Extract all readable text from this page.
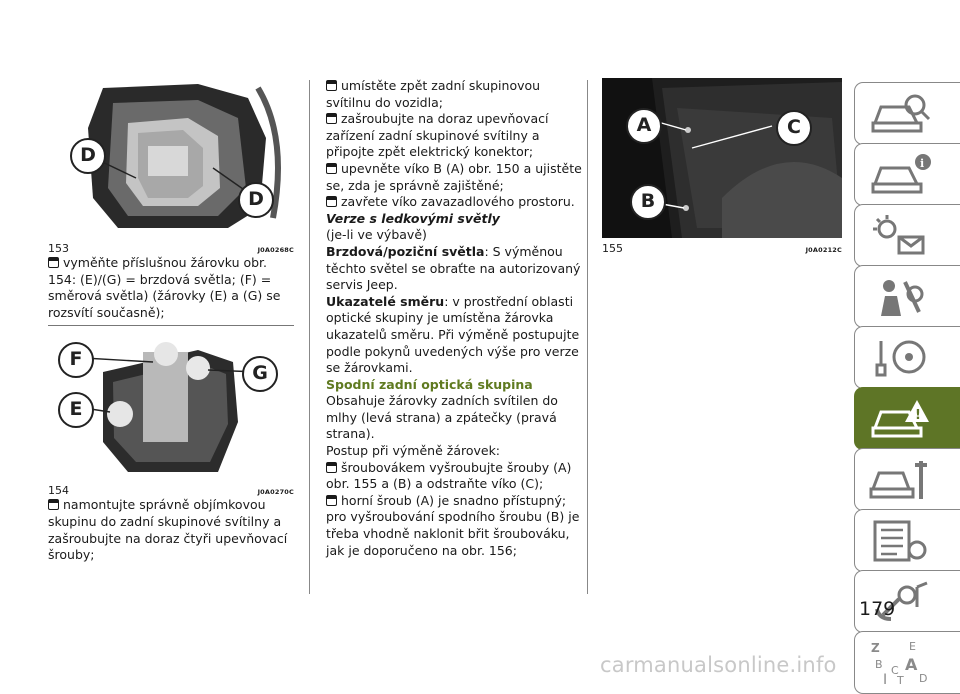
D
D
153	J0A0268C

vyměňte příslušnou žárovku obr. 154: (E)/(G) = brzdová světla; (F) = směrová světla) (žárovky (E) a (G) se rozsvítí současně);

F
G
E
154	J0A0270C

namontujte správně objímkovou skupinu do zadní skupinové svítilny a zašroubujte na doraz čtyři upevňovací šrouby;

umístěte zpět zadní skupinovou svítilnu do vozidla;

zašroubujte na doraz upevňovací zařízení zadní skupinové svítilny a připojte zpět elektrický konektor;

upevněte víko B (A) obr. 150 a ujistěte se, zda je správně zajištěné;

zavřete víko zavazadlového prostoru.

Verze s ledkovými světly

(je-li ve výbavě)

Brzdová/poziční světla: S výměnou těchto světel se obraťte na autorizovaný servis Jeep.

Ukazatelé směru: v prostřední oblasti optické skupiny je umístěna žárovka ukazatelů směru. Při výměně postupujte podle pokynů uvedených výše pro verze se žárovkami.

Spodní zadní optická skupina

Obsahuje žárovky zadních svítilen do mlhy (levá strana) a zpátečky (pravá strana).

Postup při výměně žárovek:

šroubovákem vyšroubujte šrouby (A) obr. 155 a (B) a odstraňte víko (C);

horní šroub (A) je snadno přístupný; pro vyšroubování spodního šroubu (B) je třeba vhodně naklonit břit šroubováku, jak je doporučeno na obr. 156;

A	C
B
155	J0A0212C
i
!
Z	E
B A
C
T
I	D
179
carmanualsonline.info
